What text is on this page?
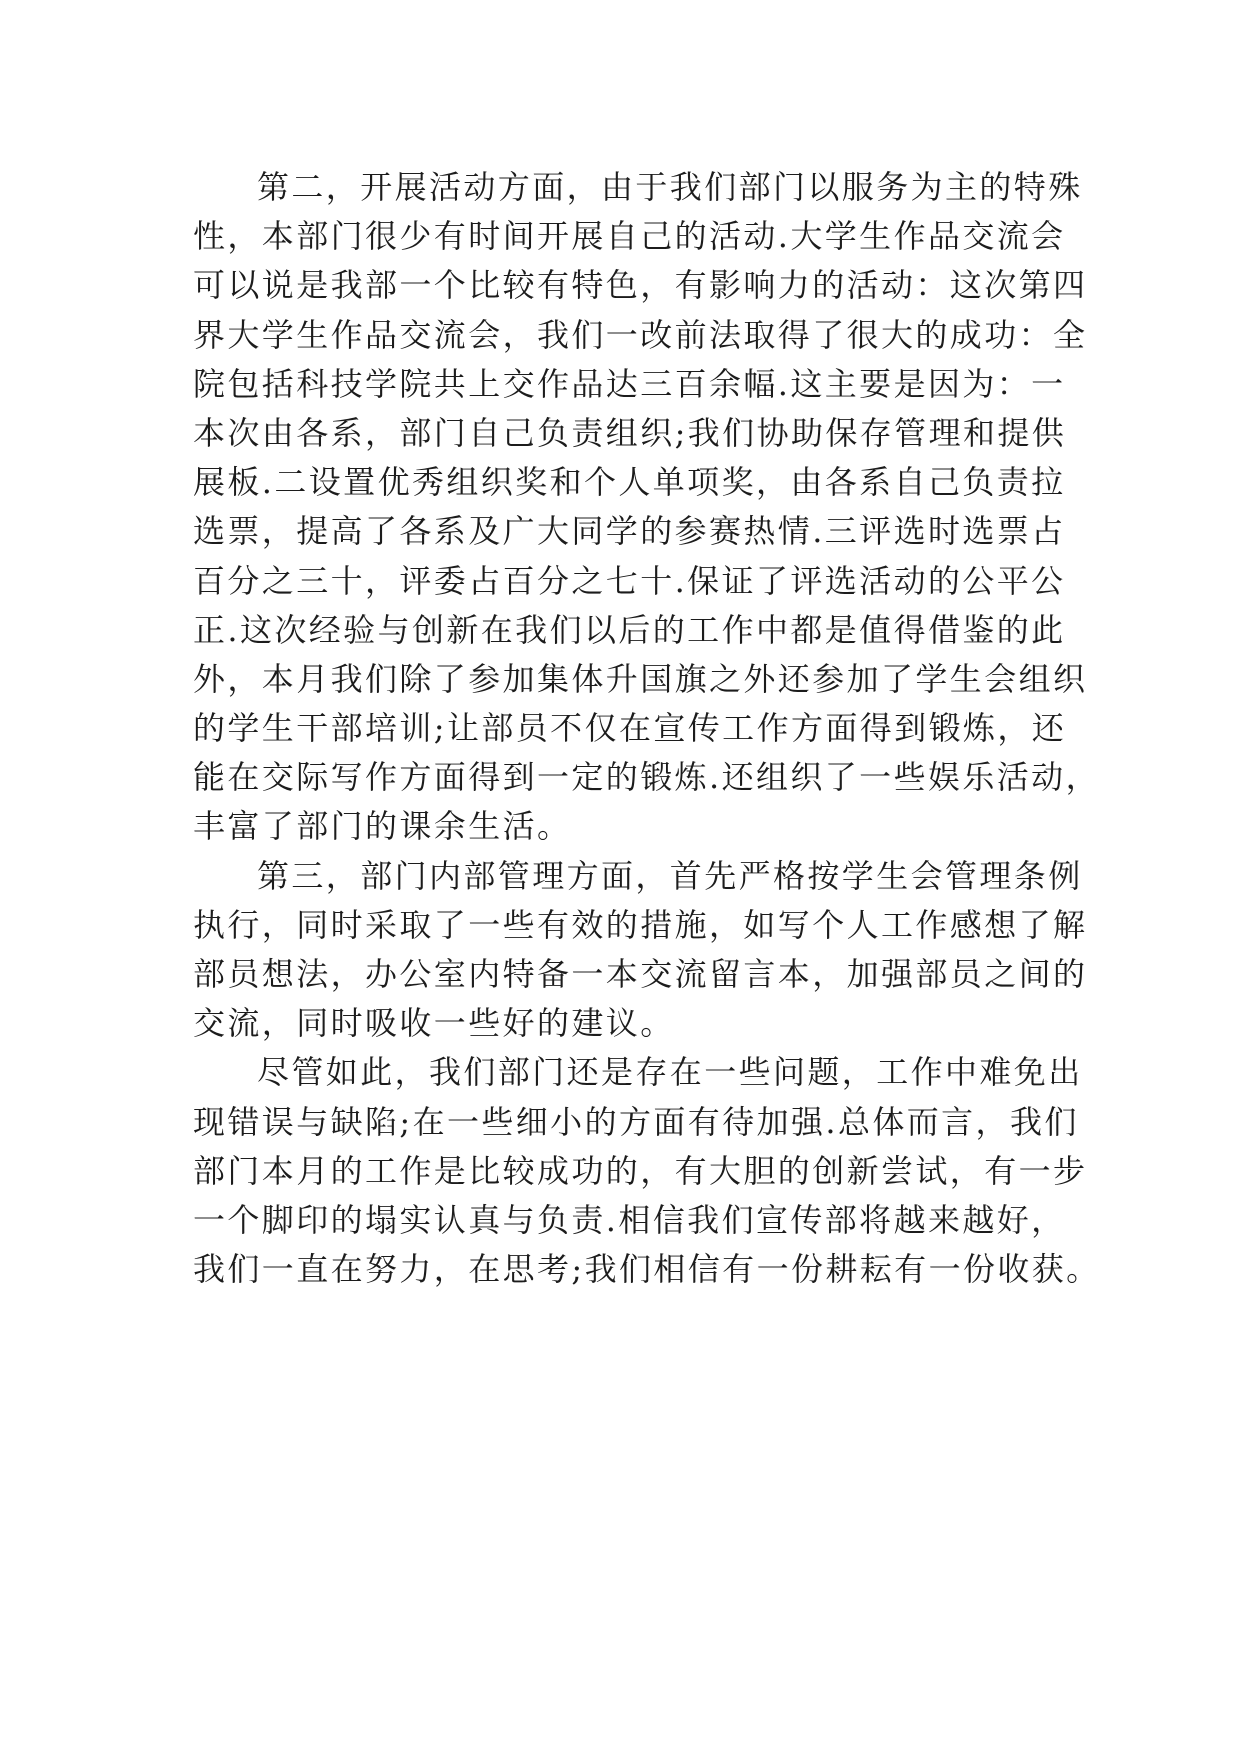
第二，开展活动方面，由于我们部门以服务为主的特殊
性，本部门很少有时间开展自己的活动.大学生作品交流会
可以说是我部一个比较有特色，有影响力的活动：这次第四
界大学生作品交流会，我们一改前法取得了很大的成功：全
院包括科技学院共上交作品达三百余幅.这主要是因为：一
本次由各系，部门自己负责组织;我们协助保存管理和提供
展板.二设置优秀组织奖和个人单项奖，由各系自己负责拉
选票，提高了各系及广大同学的参赛热情.三评选时选票占
百分之三十，评委占百分之七十.保证了评选活动的公平公
正.这次经验与创新在我们以后的工作中都是值得借鉴的此
外，本月我们除了参加集体升国旗之外还参加了学生会组织
的学生干部培训;让部员不仅在宣传工作方面得到锻炼，还
能在交际写作方面得到一定的锻炼.还组织了一些娱乐活动，
丰富了部门的课余生活。
第三，部门内部管理方面，首先严格按学生会管理条例
执行，同时采取了一些有效的措施，如写个人工作感想了解
部员想法，办公室内特备一本交流留言本，加强部员之间的
交流，同时吸收一些好的建议。
尽管如此，我们部门还是存在一些问题，工作中难免出
现错误与缺陷;在一些细小的方面有待加强.总体而言，我们
部门本月的工作是比较成功的，有大胆的创新尝试，有一步
一个脚印的塌实认真与负责.相信我们宣传部将越来越好，
我们一直在努力，在思考;我们相信有一份耕耘有一份收获。
